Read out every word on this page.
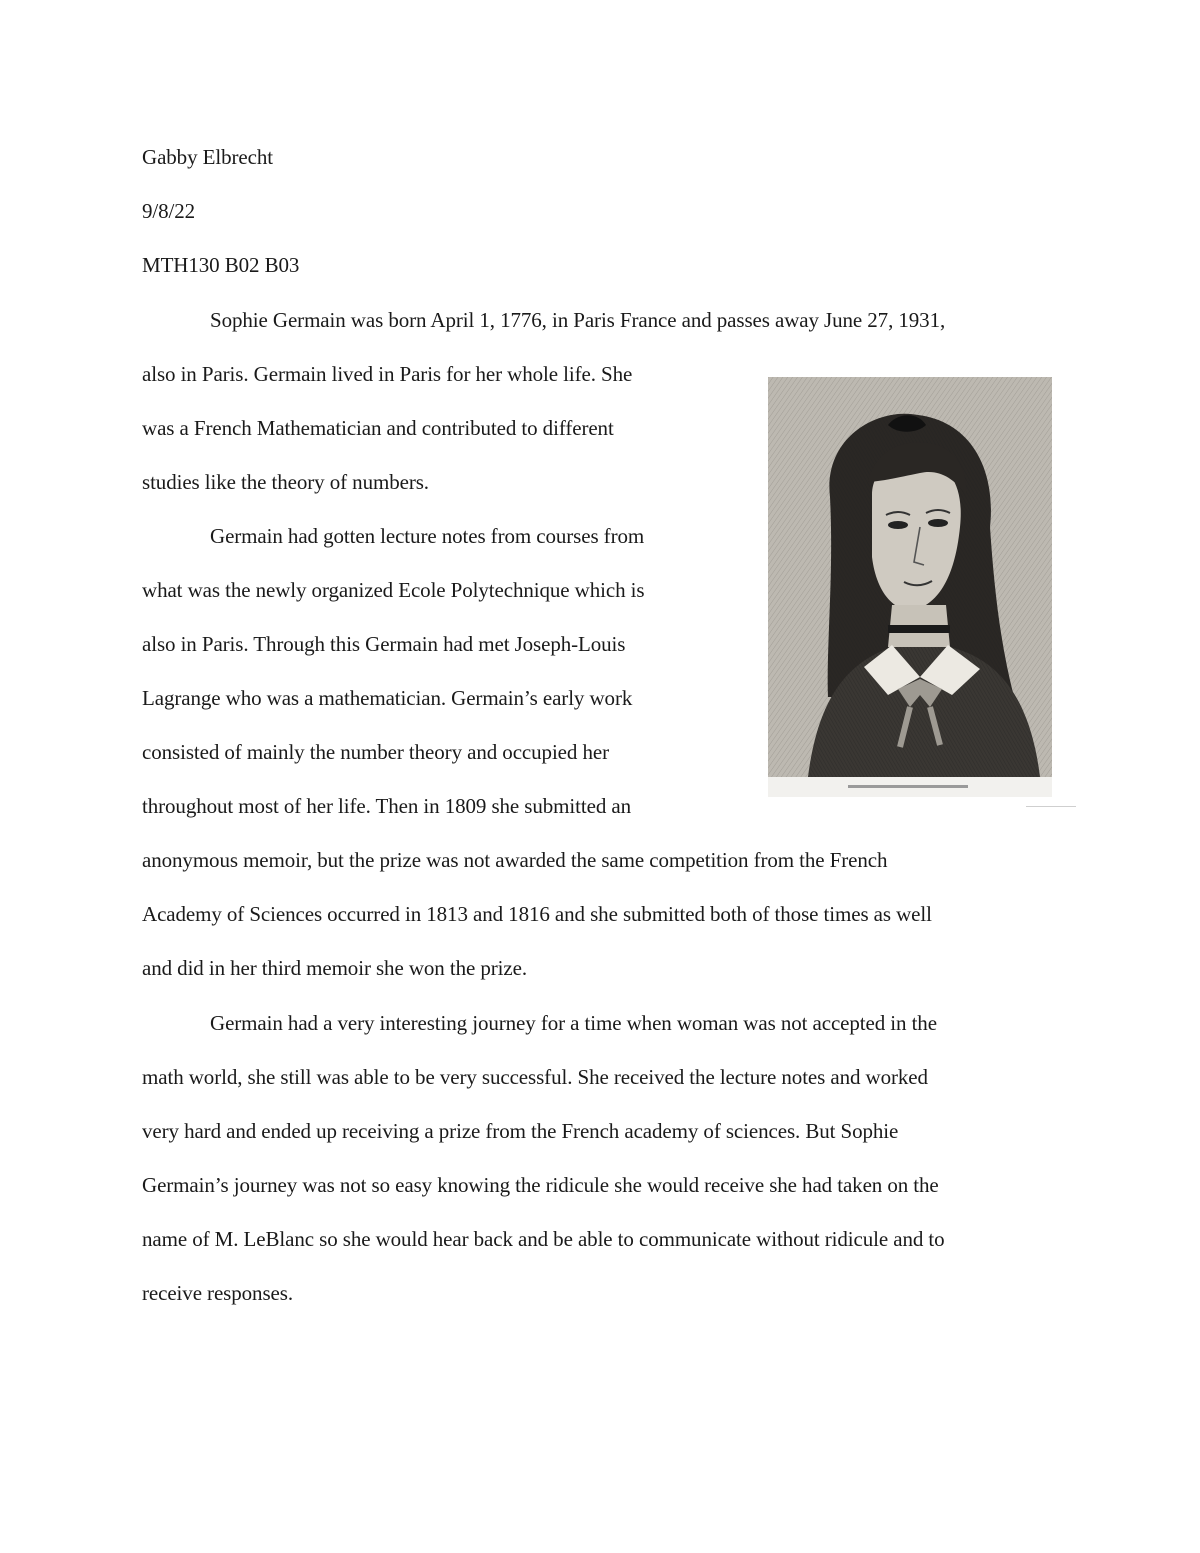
Gabby Elbrecht
9/8/22
MTH130 B02 B03
Sophie Germain was born April 1, 1776, in Paris France and passes away June 27, 1931,
also in Paris. Germain lived in Paris for her whole life. She
was a French Mathematician and contributed to different
studies like the theory of numbers.
Germain had gotten lecture notes from courses from
what was the newly organized Ecole Polytechnique which is
also in Paris. Through this Germain had met Joseph-Louis
Lagrange who was a mathematician. Germain’s early work
consisted of mainly the number theory and occupied her
throughout most of her life. Then in 1809 she submitted an
anonymous memoir, but the prize was not awarded the same competition from the French
Academy of Sciences occurred in 1813 and 1816 and she submitted both of those times as well
and did in her third memoir she won the prize.
Germain had a very interesting journey for a time when woman was not accepted in the
math world, she still was able to be very successful. She received the lecture notes and worked
very hard and ended up receiving a prize from the French academy of sciences. But Sophie
Germain’s journey was not so easy knowing the ridicule she would receive she had taken on the
name of M. LeBlanc so she would hear back and be able to communicate without ridicule and to
receive responses.
